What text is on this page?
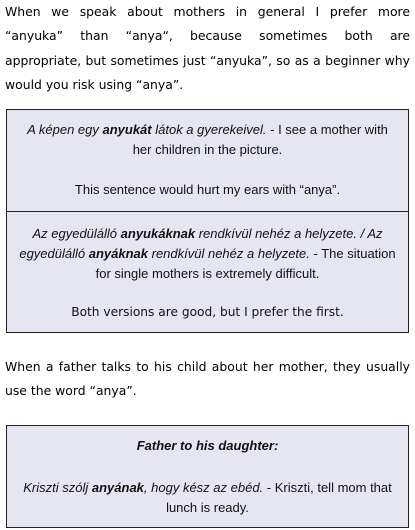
When we speak about mothers in general I prefer more “anyuka” than “anya“, because sometimes both are appropriate, but sometimes just “anyuka”, so as a beginner why would you risk using “anya”.

A képen egy anyukát látok a gyerekeivel. - I see a mother with her children in the picture.

This sentence would hurt my ears with “anya”.

Az egyedülálló anyukáknak rendkívül nehéz a helyzete. / Az egyedülálló anyáknak rendkívül nehéz a helyzete. - The situation for single mothers is extremely difficult.

Both versions are good, but I prefer the first.

When a father talks to his child about her mother, they usually use the word “anya”.

Father to his daughter:

Kriszti szólj anyának, hogy kész az ebéd. - Kriszti, tell mom that lunch is ready.
